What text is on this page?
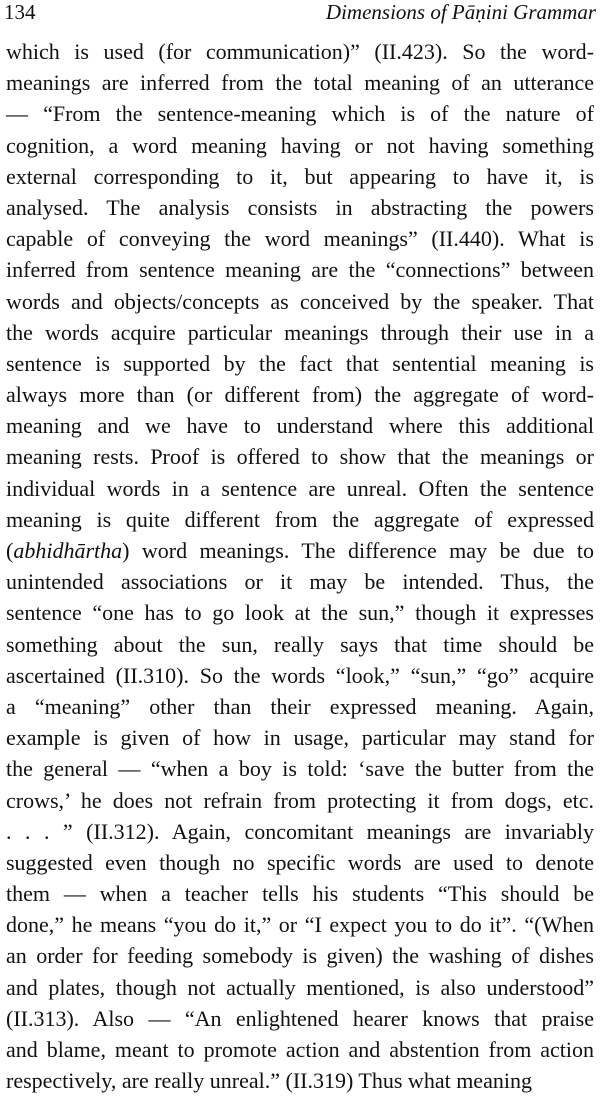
134	Dimensions of Pāṇini Grammar
which is used (for communication)” (II.423). So the word-
meanings are inferred from the total meaning of an utterance
— “From the sentence-meaning which is of the nature of
cognition, a word meaning having or not having something
external corresponding to it, but appearing to have it, is
analysed. The analysis consists in abstracting the powers
capable of conveying the word meanings” (II.440). What is
inferred from sentence meaning are the “connections” between
words and objects/concepts as conceived by the speaker. That
the words acquire particular meanings through their use in a
sentence is supported by the fact that sentential meaning is
always more than (or different from) the aggregate of word-
meaning and we have to understand where this additional
meaning rests. Proof is offered to show that the meanings or
individual words in a sentence are unreal. Often the sentence
meaning is quite different from the aggregate of expressed
(abhidhārtha) word meanings. The difference may be due to
unintended associations or it may be intended. Thus, the
sentence “one has to go look at the sun,” though it expresses
something about the sun, really says that time should be
ascertained (II.310). So the words “look,” “sun,” “go” acquire
a “meaning” other than their expressed meaning. Again,
example is given of how in usage, particular may stand for
the general — “when a boy is told: ‘save the butter from the
crows,’ he does not refrain from protecting it from dogs, etc.
. . . ” (II.312). Again, concomitant meanings are invariably
suggested even though no specific words are used to denote
them — when a teacher tells his students “This should be
done,” he means “you do it,” or “I expect you to do it”. “(When
an order for feeding somebody is given) the washing of dishes
and plates, though not actually mentioned, is also understood”
(II.313). Also — “An enlightened hearer knows that praise
and blame, meant to promote action and abstention from action
respectively, are really unreal.” (II.319) Thus what meaning
